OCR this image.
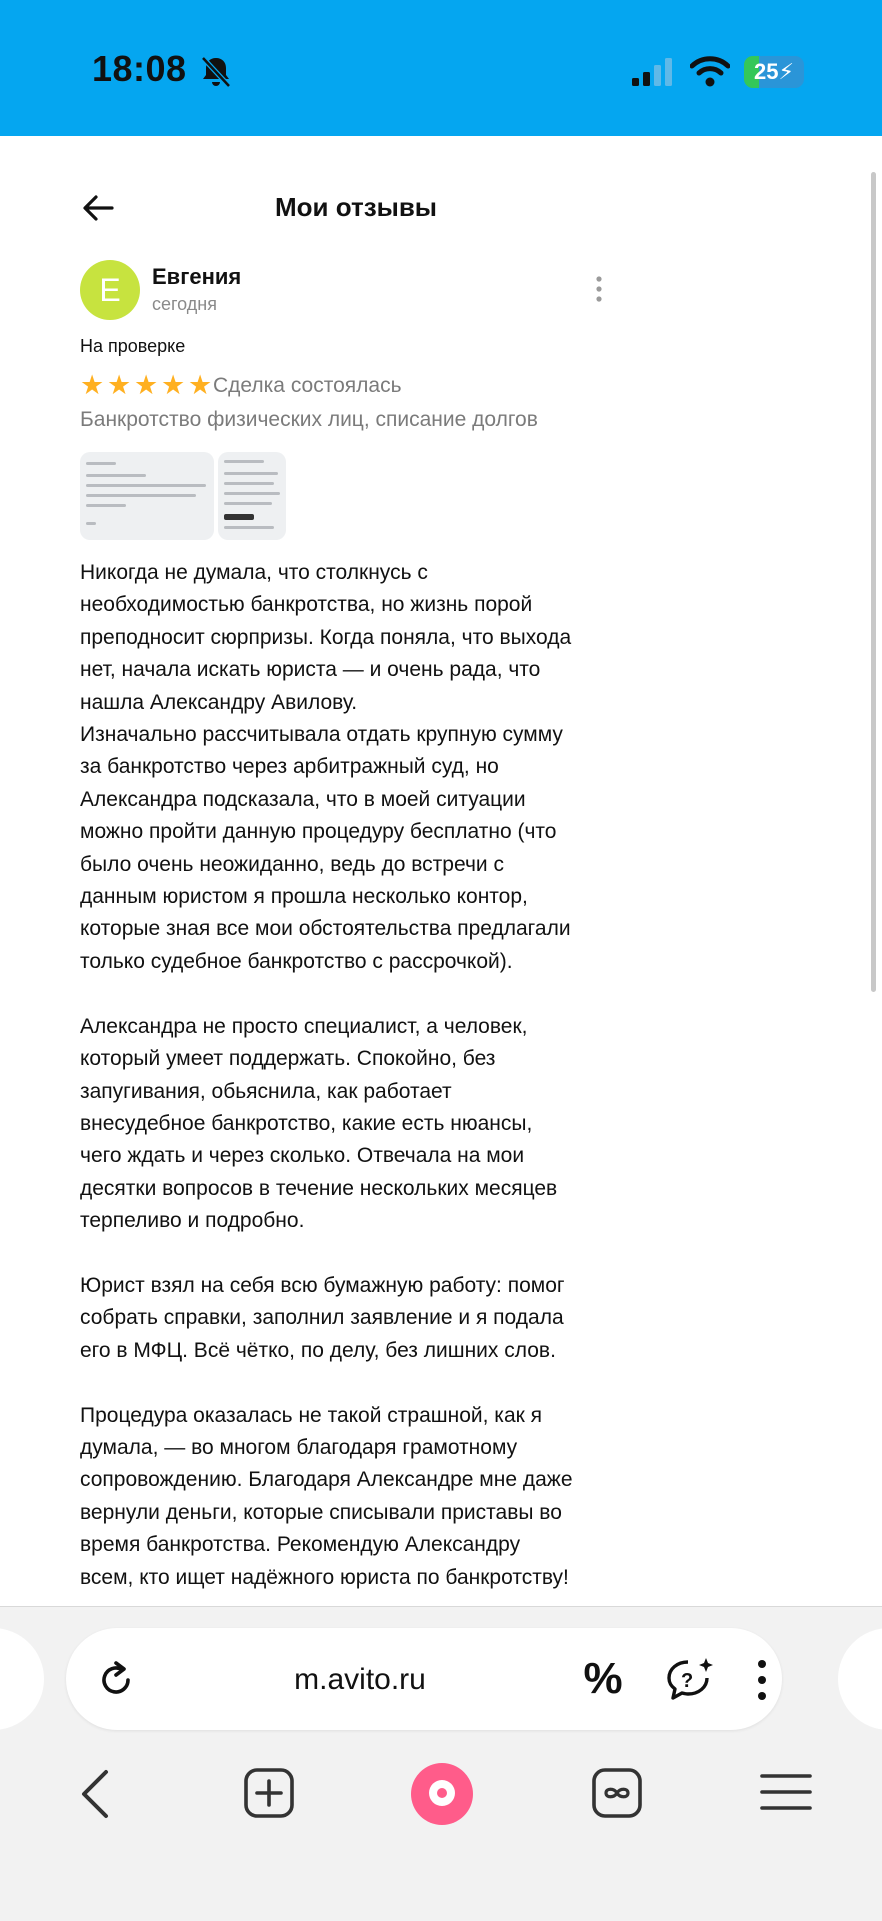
18:08	25⚡
Мои отзывы
Е	Евгения
сегодня
На проверке
★ ★ ★ ★ ★ Сделка состоялась
Банкротство физических лиц, списание долгов
Никогда не думала, что столкнусь с
необходимостью банкротства, но жизнь порой
преподносит сюрпризы. Когда поняла, что выхода
нет, начала искать юриста — и очень рада, что
нашла Александру Авилову.
Изначально рассчитывала отдать крупную сумму
за банкротство через арбитражный суд, но
Александра подсказала, что в моей ситуации
можно пройти данную процедуру бесплатно (что
было очень неожиданно, ведь до встречи с
данным юристом я прошла несколько контор,
которые зная все мои обстоятельства предлагали
только судебное банкротство с рассрочкой).

Александра не просто специалист, а человек,
который умеет поддержать. Спокойно, без
запугивания, обьяснила, как работает
внесудебное банкротство, какие есть нюансы,
чего ждать и через сколько. Отвечала на мои
десятки вопросов в течение нескольких месяцев
терпеливо и подробно.

Юрист взял на себя всю бумажную работу: помог
собрать справки, заполнил заявление и я подала
его в МФЦ. Всё чётко, по делу, без лишних слов.

Процедура оказалась не такой страшной, как я
думала, — во многом благодаря грамотному
сопровождению. Благодаря Александре мне даже
вернули деньги, которые списывали приставы во
время банкротства. Рекомендую Александру
всем, кто ищет надёжного юриста по банкротству!
m.avito.ru	%	?
